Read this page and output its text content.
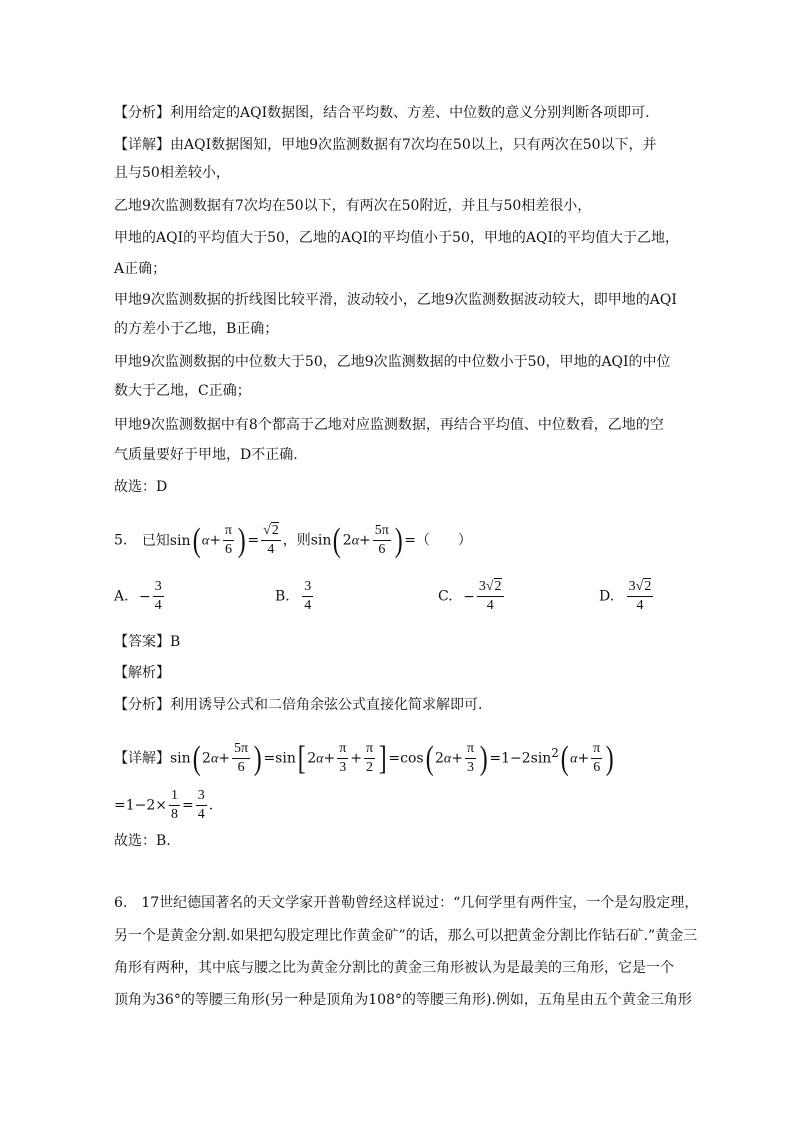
【分析】利用给定的AQI数据图，结合平均数、方差、中位数的意义分别判断各项即可.
【详解】由AQI数据图知，甲地9次监测数据有7次均在50以上，只有两次在50以下，并
且与50相差较小，
乙地9次监测数据有7次均在50以下，有两次在50附近，并且与50相差很小，
甲地的AQI的平均值大于50，乙地的AQI的平均值小于50，甲地的AQI的平均值大于乙地，
A正确；
甲地9次监测数据的折线图比较平滑，波动较小，乙地9次监测数据波动较大，即甲地的AQI
的方差小于乙地，B正确；
甲地9次监测数据的中位数大于50，乙地9次监测数据的中位数小于50，甲地的AQI的中位
数大于乙地，C正确；
甲地9次监测数据中有8个都高于乙地对应监测数据，再结合平均值、中位数看，乙地的空
气质量要好于甲地，D不正确.
故选：D
5. 已知sin( $\alpha+ \frac{\pi}{6}$ ) = $\frac{√2}{4}$ ，则sin( $2\alpha+ \frac{5\pi}{6}$ ) =（　　）
A. − $\frac{3}{4}$	B. $\frac{3}{4}$	C. − $\frac{3√2}{4}$	D. $\frac{3√2}{4}$
【答案】B
【解析】
【分析】利用诱导公式和二倍角余弦公式直接化简求解即可.
【详解】sin( $2\alpha+ \frac{5\pi}{6}$ ) =sin[ $2\alpha+ \frac{\pi}{3} + \frac{\pi}{2}$ ] =cos( $2\alpha+ \frac{\pi}{3}$ ) $=1-2\sin^2$( $\alpha+ \frac{\pi}{6}$ )
$=1-2\times \frac{1}{8} = \frac{3}{4}$ .
故选：B.
6.　17世纪德国著名的天文学家开普勒曾经这样说过：“几何学里有两件宝，一个是勾股定理，
另一个是黄金分割.如果把勾股定理比作黄金矿”的话，那么可以把黄金分割比作钻石矿.”黄金三
角形有两种，其中底与腰之比为黄金分割比的黄金三角形被认为是最美的三角形，它是一个
顶角为36°的等腰三角形(另一种是顶角为108°的等腰三角形).例如，五角星由五个黄金三角形
